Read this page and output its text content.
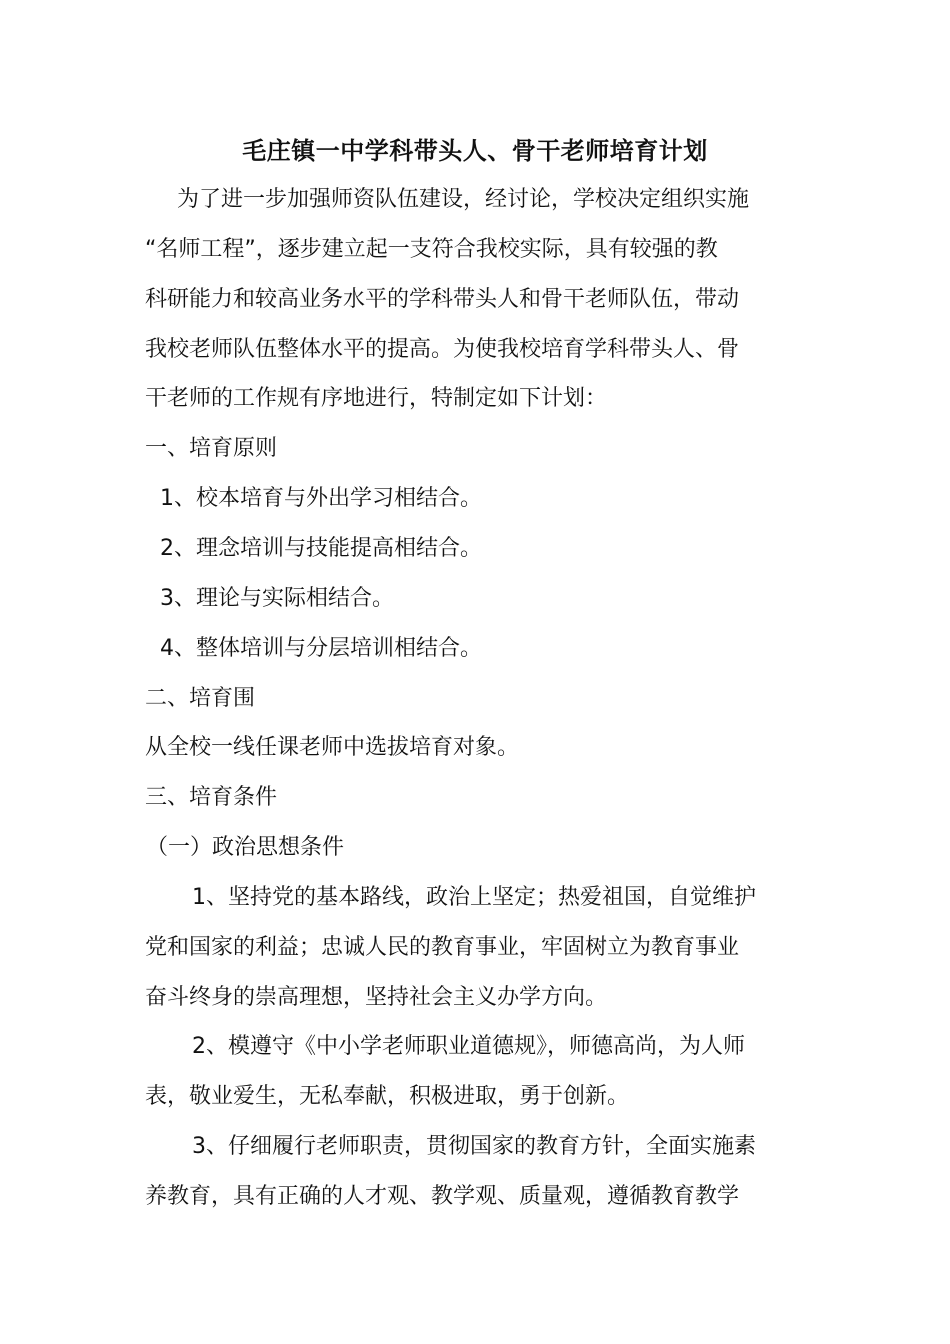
毛庄镇一中学科带头人、骨干老师培育计划
为了进一步加强师资队伍建设，经讨论，学校决定组织实施
“名师工程”，逐步建立起一支符合我校实际，具有较强的教
科研能力和较高业务水平的学科带头人和骨干老师队伍，带动
我校老师队伍整体水平的提高。为使我校培育学科带头人、骨
干老师的工作规有序地进行，特制定如下计划：
一、培育原则
1、校本培育与外出学习相结合。
2、理念培训与技能提高相结合。
3、理论与实际相结合。
4、整体培训与分层培训相结合。
二、培育围
从全校一线任课老师中选拔培育对象。
三、培育条件
（一）政治思想条件
1、坚持党的基本路线，政治上坚定；热爱祖国，自觉维护
党和国家的利益；忠诚人民的教育事业，牢固树立为教育事业
奋斗终身的崇高理想，坚持社会主义办学方向。
2、模遵守《中小学老师职业道德规》，师德高尚，为人师
表，敬业爱生，无私奉献，积极进取，勇于创新。
3、仔细履行老师职责，贯彻国家的教育方针，全面实施素
养教育，具有正确的人才观、教学观、质量观，遵循教育教学
